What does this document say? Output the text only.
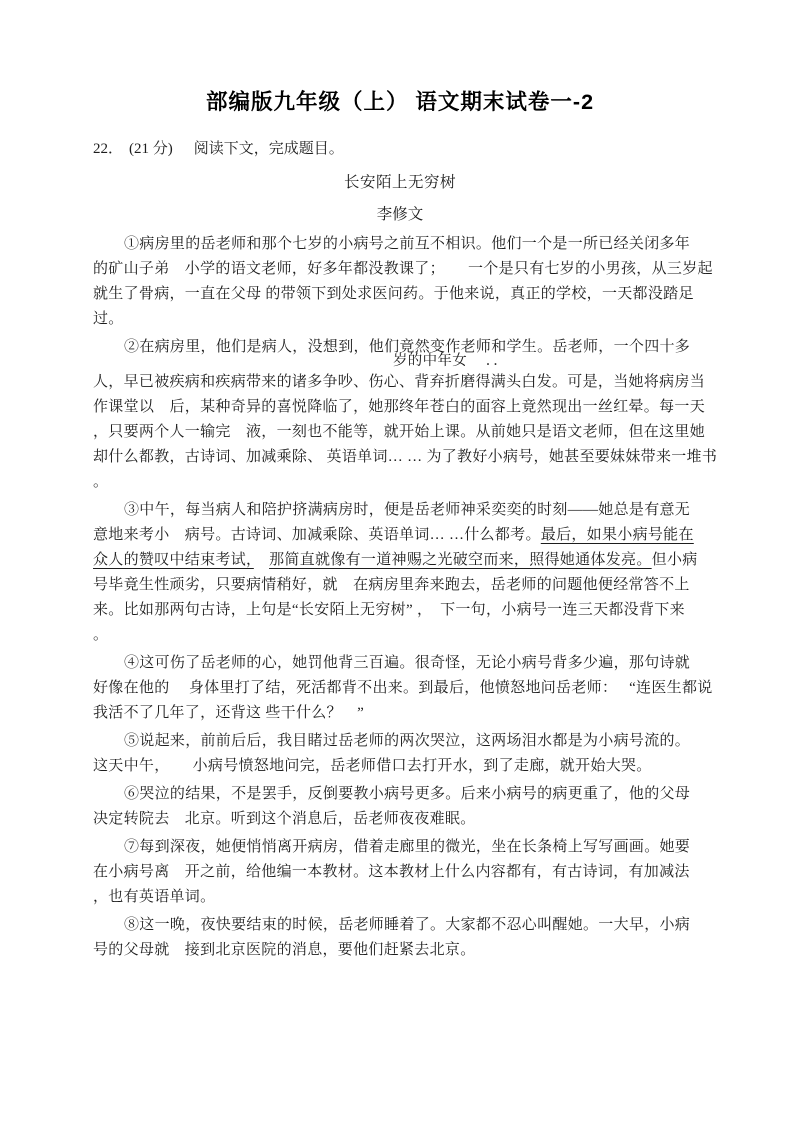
部编版九年级（上） 语文期末试卷一-2
22． (21 分) 阅读下文，完成题目。
长安陌上无穷树
李修文
①病房里的岳老师和那个七岁的小病号之前互不相识。他们一个是一所已经关闭多年
的矿山子弟　小学的语文老师，好多年都没教课了；　　一个是只有七岁的小男孩，从三岁起
就生了骨病，一直在父母 的带领下到处求医问药。于他来说，真正的学校，一天都没踏足
过。
②在病房里，他们是病人，没想到，他们竟然变作老师和学生。岳老师，一个四十多
岁的中年女　 ．．
人，早已被疾病和疾病带来的诸多争吵、伤心、背弃折磨得满头白发。可是，当她将病房当
作课堂以　后，某种奇异的喜悦降临了，她那终年苍白的面容上竟然现出一丝红晕。每一天
，只要两个人一输完　液，一刻也不能等，就开始上课。从前她只是语文老师，但在这里她
却什么都教，古诗词、加减乘除、 英语单词… … 为了教好小病号，她甚至要妹妹带来一堆书
。
③中午，每当病人和陪护挤满病房时，便是岳老师神采奕奕的时刻——她总是有意无
意地来考小　病号。古诗词、加减乘除、英语单词… …什么都考。最后，如果小病号能在
众人的赞叹中结束考试，　 那简直就像有一道神赐之光破空而来，照得她通体发亮。但小病
号毕竟生性顽劣，只要病情稍好，就　在病房里奔来跑去，岳老师的问题他便经常答不上
来。比如那两句古诗，上句是“长安陌上无穷树” ，　下一句，小病号一连三天都没背下来
。
④这可伤了岳老师的心，她罚他背三百遍。很奇怪，无论小病号背多少遍，那句诗就
好像在他的　 身体里打了结，死活都背不出来。到最后，他愤怒地问岳老师：　 “连医生都说
我活不了几年了，还背这 些干什么？　”
⑤说起来，前前后后，我目睹过岳老师的两次哭泣，这两场泪水都是为小病号流的。
这天中午，　　小病号愤怒地问完，岳老师借口去打开水，到了走廊，就开始大哭。
⑥哭泣的结果，不是罢手，反倒要教小病号更多。后来小病号的病更重了，他的父母
决定转院去　北京。听到这个消息后，岳老师夜夜难眠。
⑦每到深夜，她便悄悄离开病房，借着走廊里的微光，坐在长条椅上写写画画。她要
在小病号离　开之前，给他编一本教材。这本教材上什么内容都有，有古诗词，有加减法
，也有英语单词。
⑧这一晚，夜快要结束的时候，岳老师睡着了。大家都不忍心叫醒她。一大早，小病
号的父母就　接到北京医院的消息，要他们赶紧去北京。
